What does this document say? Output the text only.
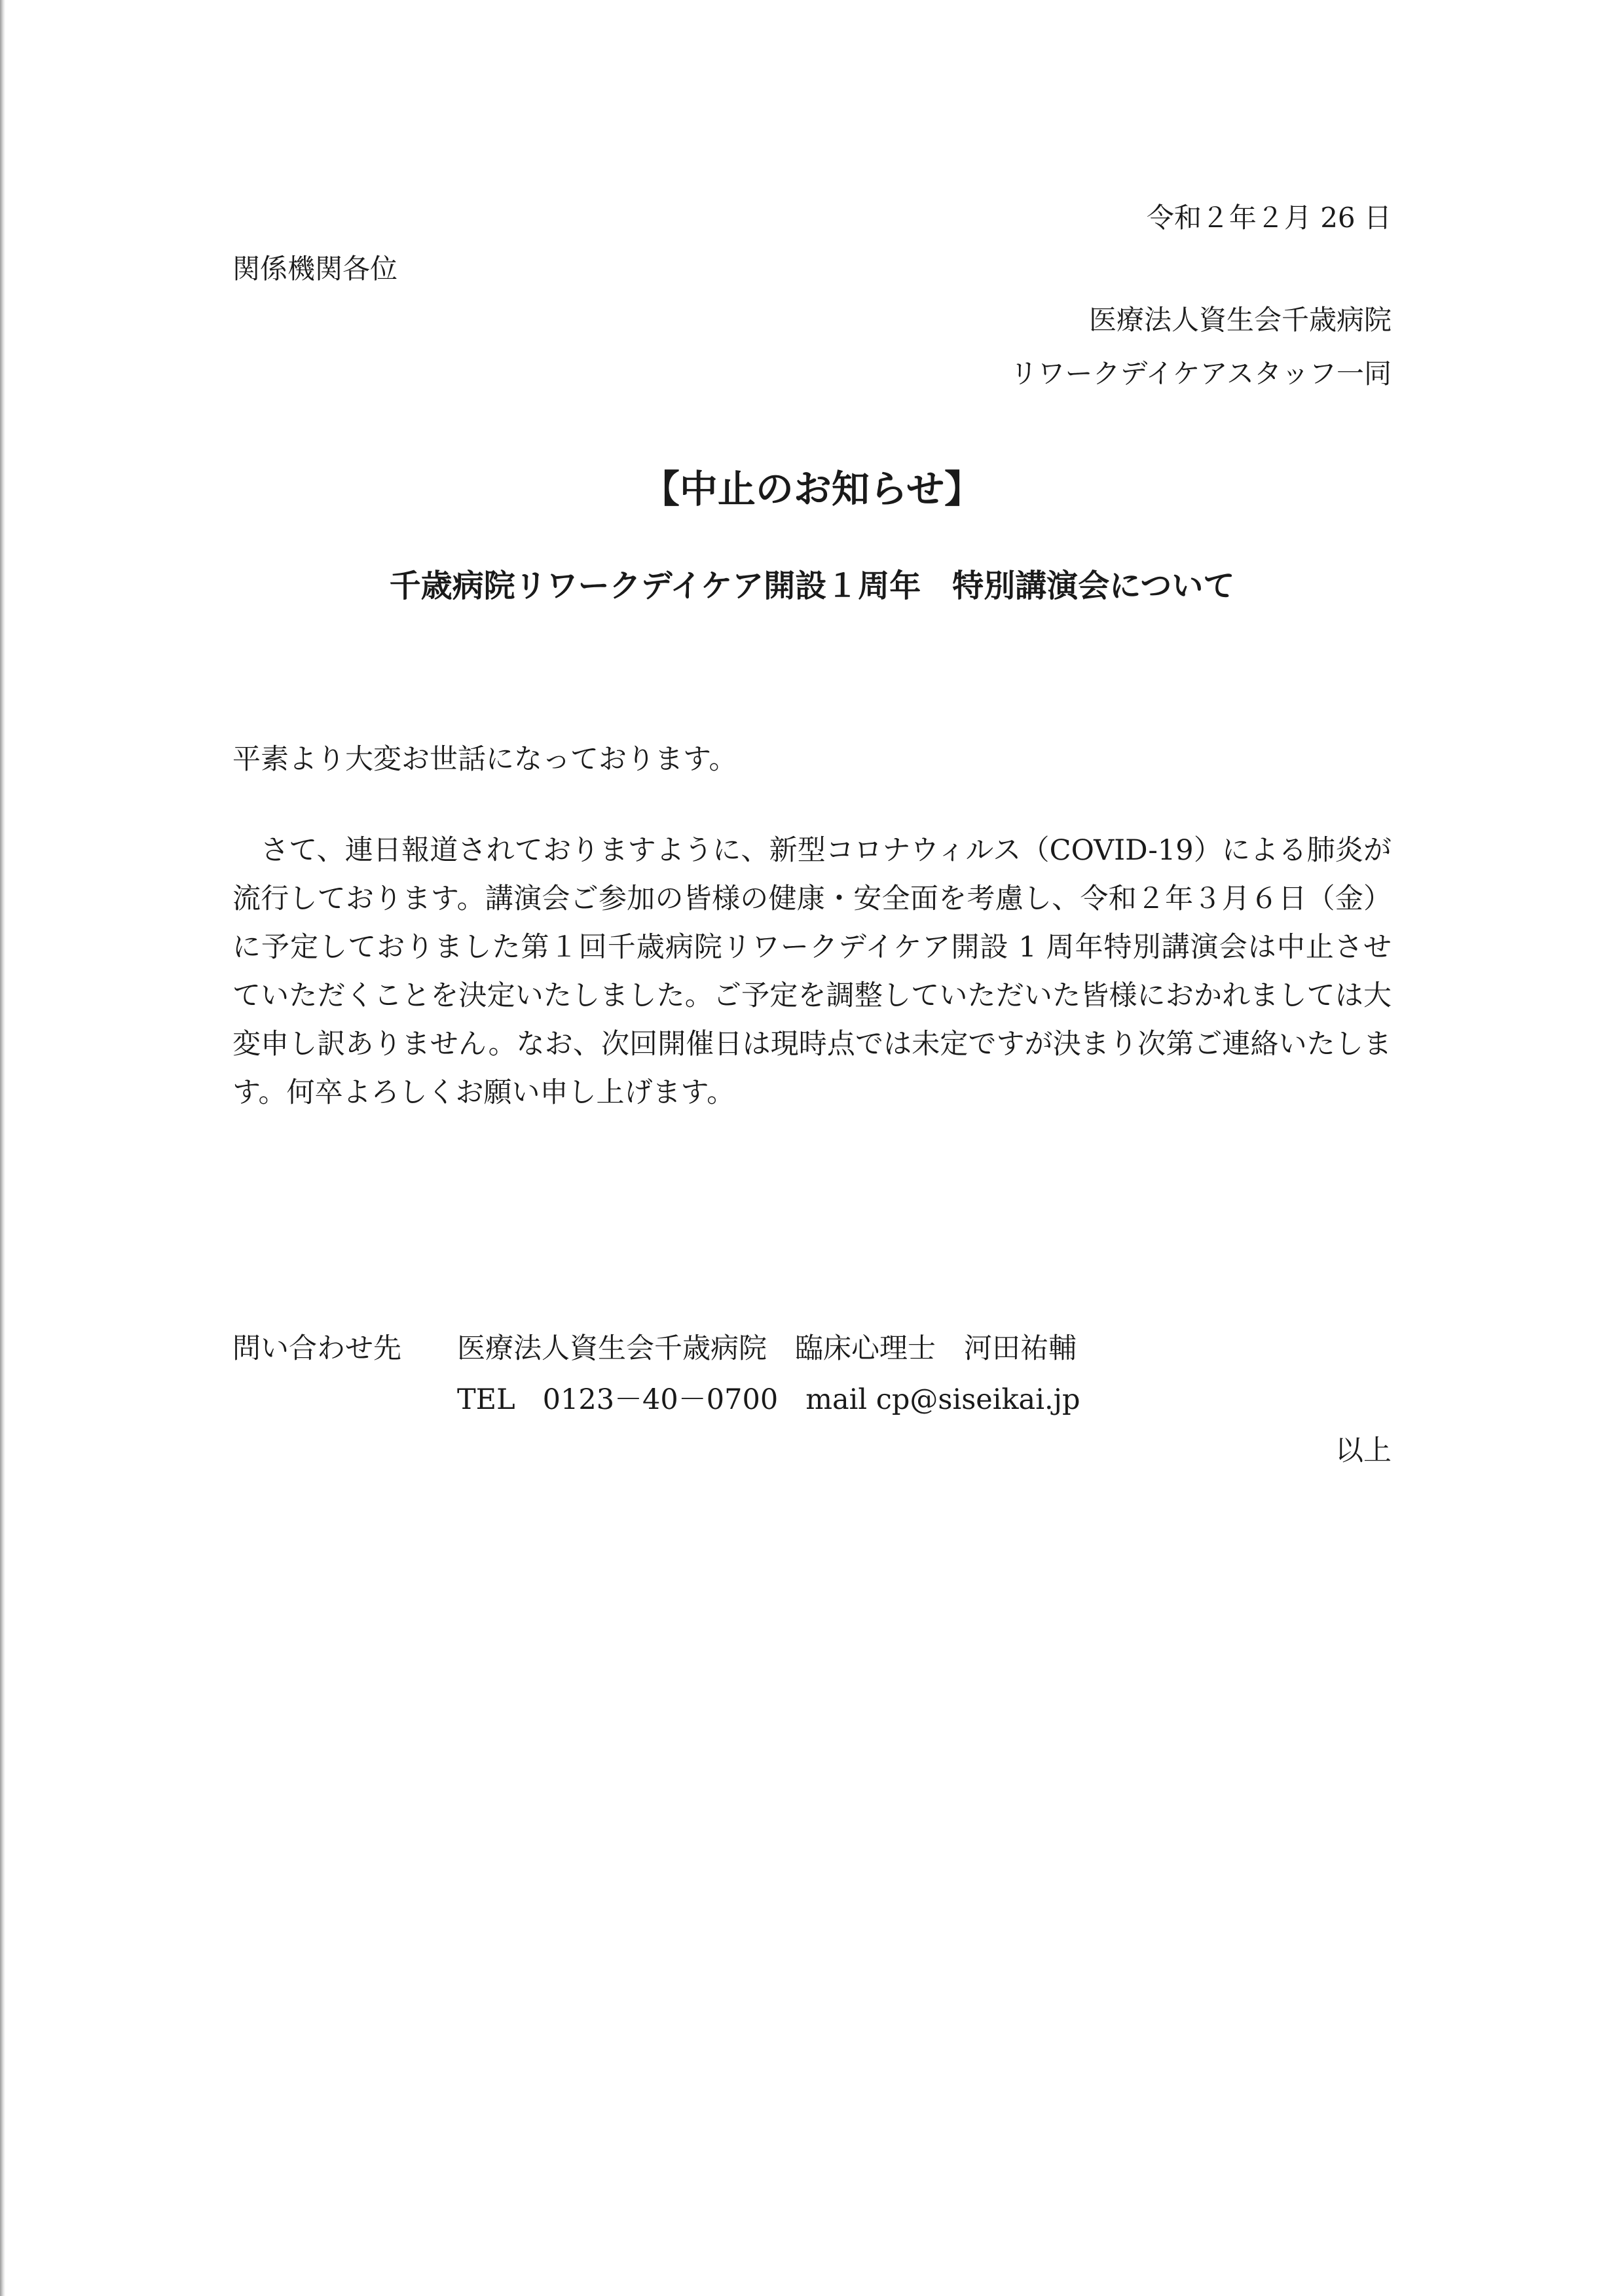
令和２年２月 26 日
関係機関各位
医療法人資生会千歳病院
リワークデイケアスタッフ一同
【中止のお知らせ】
千歳病院リワークデイケア開設１周年　特別講演会について
平素より大変お世話になっております。
さて、連日報道されておりますように、新型コロナウィルス（COVID-19）による肺炎が流行しております。講演会ご参加の皆様の健康・安全面を考慮し、令和２年３月６日（金）に予定しておりました第１回千歳病院リワークデイケア開設 1 周年特別講演会は中止させていただくことを決定いたしました。ご予定を調整していただいた皆様におかれましては大変申し訳ありません。なお、次回開催日は現時点では未定ですが決まり次第ご連絡いたします。何卒よろしくお願い申し上げます。
問い合わせ先 医療法人資生会千歳病院　臨床心理士　河田祐輔
TEL 0123－40－0700 mail cp@siseikai.jp
以上
